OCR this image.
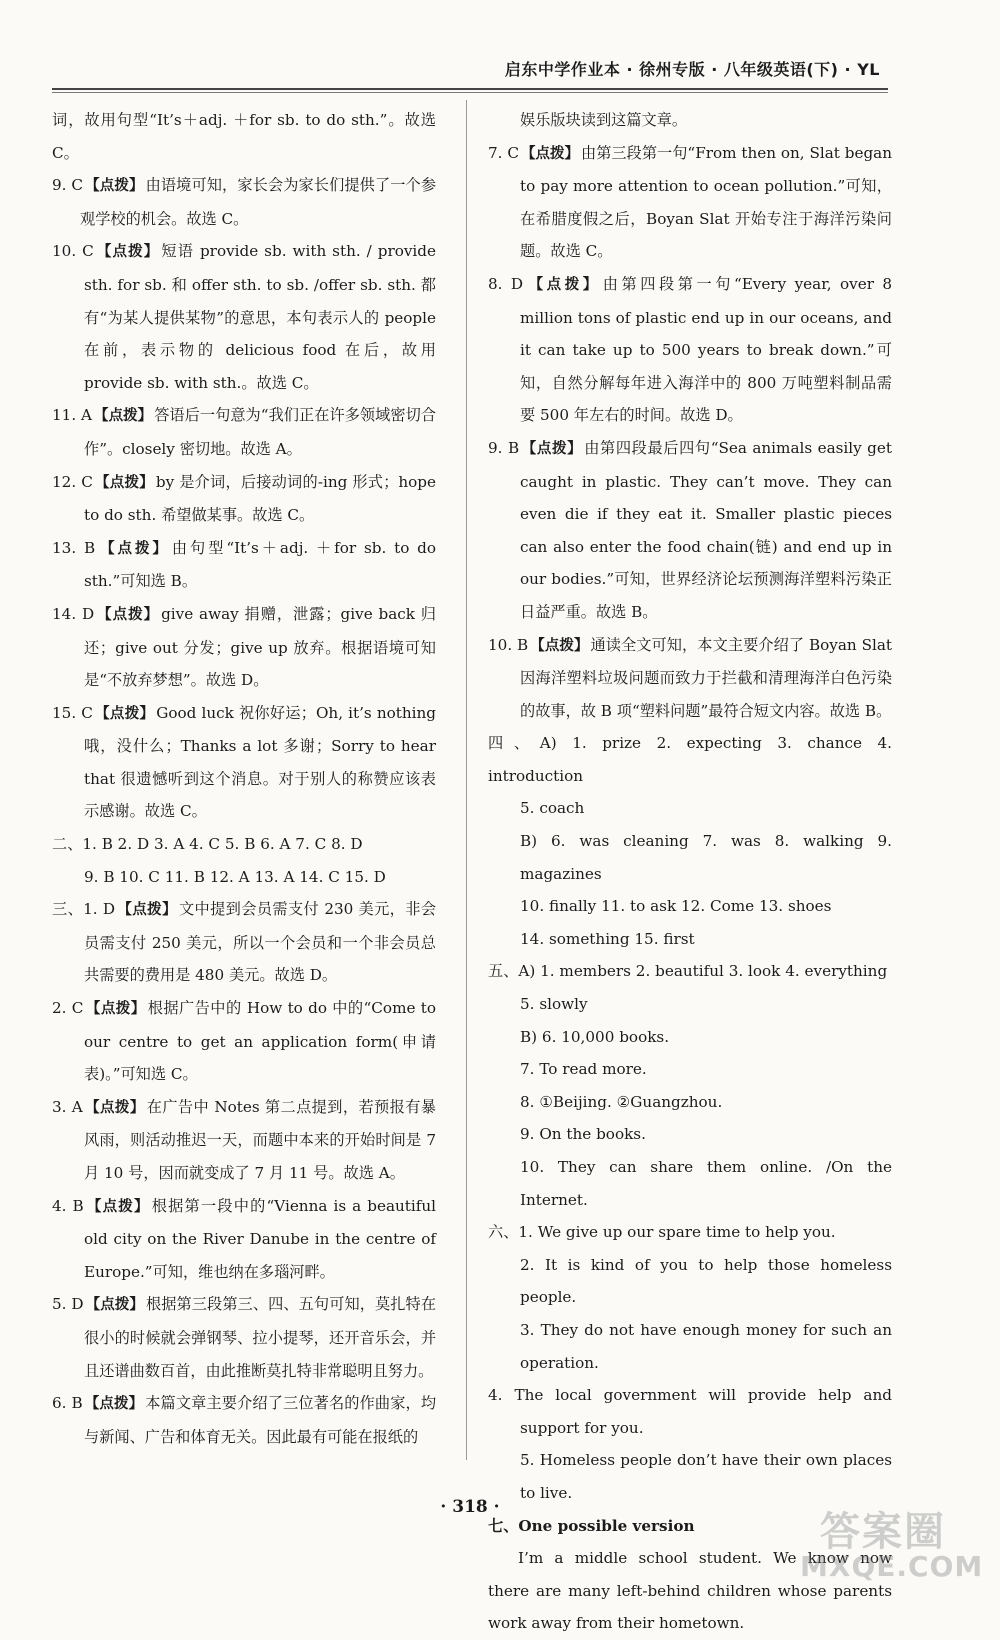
启东中学作业本 · 徐州专版 · 八年级英语(下) · YL

词，故用句型“It’s＋adj. ＋for sb. to do sth.”。故选 C。

9. C 【点拨】 由语境可知，家长会为家长们提供了一个参观学校的机会。故选 C。

10. C 【点拨】 短语 provide sb. with sth. / provide sth. for sb. 和 offer sth. to sb. /offer sb. sth. 都有“为某人提供某物”的意思，本句表示人的 people 在前，表示物的 delicious food 在后，故用 provide sb. with sth.。故选 C。

11. A 【点拨】 答语后一句意为“我们正在许多领域密切合作”。closely 密切地。故选 A。

12. C 【点拨】 by 是介词，后接动词的-ing 形式；hope to do sth. 希望做某事。故选 C。

13. B 【点拨】 由句型“It’s＋adj. ＋for sb. to do sth.”可知选 B。

14. D 【点拨】 give away 捐赠，泄露；give back 归还；give out 分发；give up 放弃。根据语境可知是“不放弃梦想”。故选 D。

15. C 【点拨】 Good luck 祝你好运；Oh, it’s nothing 哦，没什么；Thanks a lot 多谢；Sorry to hear that 很遗憾听到这个消息。对于别人的称赞应该表示感谢。故选 C。

二、1. B 2. D 3. A 4. C 5. B 6. A 7. C 8. D

9. B 10. C 11. B 12. A 13. A 14. C 15. D

三、1. D 【点拨】 文中提到会员需支付 230 美元，非会员需支付 250 美元，所以一个会员和一个非会员总共需要的费用是 480 美元。故选 D。

2. C 【点拨】 根据广告中的 How to do 中的“Come to our centre to get an application form(申请表)。”可知选 C。

3. A 【点拨】 在广告中 Notes 第二点提到，若预报有暴风雨，则活动推迟一天，而题中本来的开始时间是 7 月 10 号，因而就变成了 7 月 11 号。故选 A。

4. B 【点拨】 根据第一段中的“Vienna is a beautiful old city on the River Danube in the centre of Europe.”可知，维也纳在多瑙河畔。

5. D 【点拨】 根据第三段第三、四、五句可知，莫扎特在很小的时候就会弹钢琴、拉小提琴，还开音乐会，并且还谱曲数百首，由此推断莫扎特非常聪明且努力。

6. B 【点拨】 本篇文章主要介绍了三位著名的作曲家，均与新闻、广告和体育无关。因此最有可能在报纸的

娱乐版块读到这篇文章。

7. C 【点拨】 由第三段第一句“From then on, Slat began to pay more attention to ocean pollution.”可知，在希腊度假之后，Boyan Slat 开始专注于海洋污染问题。故选 C。

8. D 【点拨】 由第四段第一句“Every year, over 8 million tons of plastic end up in our oceans, and it can take up to 500 years to break down.”可知，自然分解每年进入海洋中的 800 万吨塑料制品需要 500 年左右的时间。故选 D。

9. B 【点拨】 由第四段最后四句“Sea animals easily get caught in plastic. They can’t move. They can even die if they eat it. Smaller plastic pieces can also enter the food chain(链) and end up in our bodies.”可知，世界经济论坛预测海洋塑料污染正日益严重。故选 B。

10. B 【点拨】 通读全文可知，本文主要介绍了 Boyan Slat 因海洋塑料垃圾问题而致力于拦截和清理海洋白色污染的故事，故 B 项“塑料问题”最符合短文内容。故选 B。

四、A) 1. prize 2. expecting 3. chance 4. introduction

5. coach

B) 6. was cleaning 7. was 8. walking 9. magazines

10. finally 11. to ask 12. Come 13. shoes

14. something 15. first

五、A) 1. members 2. beautiful 3. look 4. everything

5. slowly

B) 6. 10,000 books.

7. To read more.

8. ①Beijing. ②Guangzhou.

9. On the books.

10. They can share them online. /On the Internet.

六、1. We give up our spare time to help you.

2. It is kind of you to help those homeless people.

3. They do not have enough money for such an operation.

4. The local government will provide help and support for you.

5. Homeless people don’t have their own places to live.

七、One possible version

I’m a middle school student. We know now there are many left-behind children whose parents work away from their hometown.

· 318 ·
答案圈
MXQE.COM
